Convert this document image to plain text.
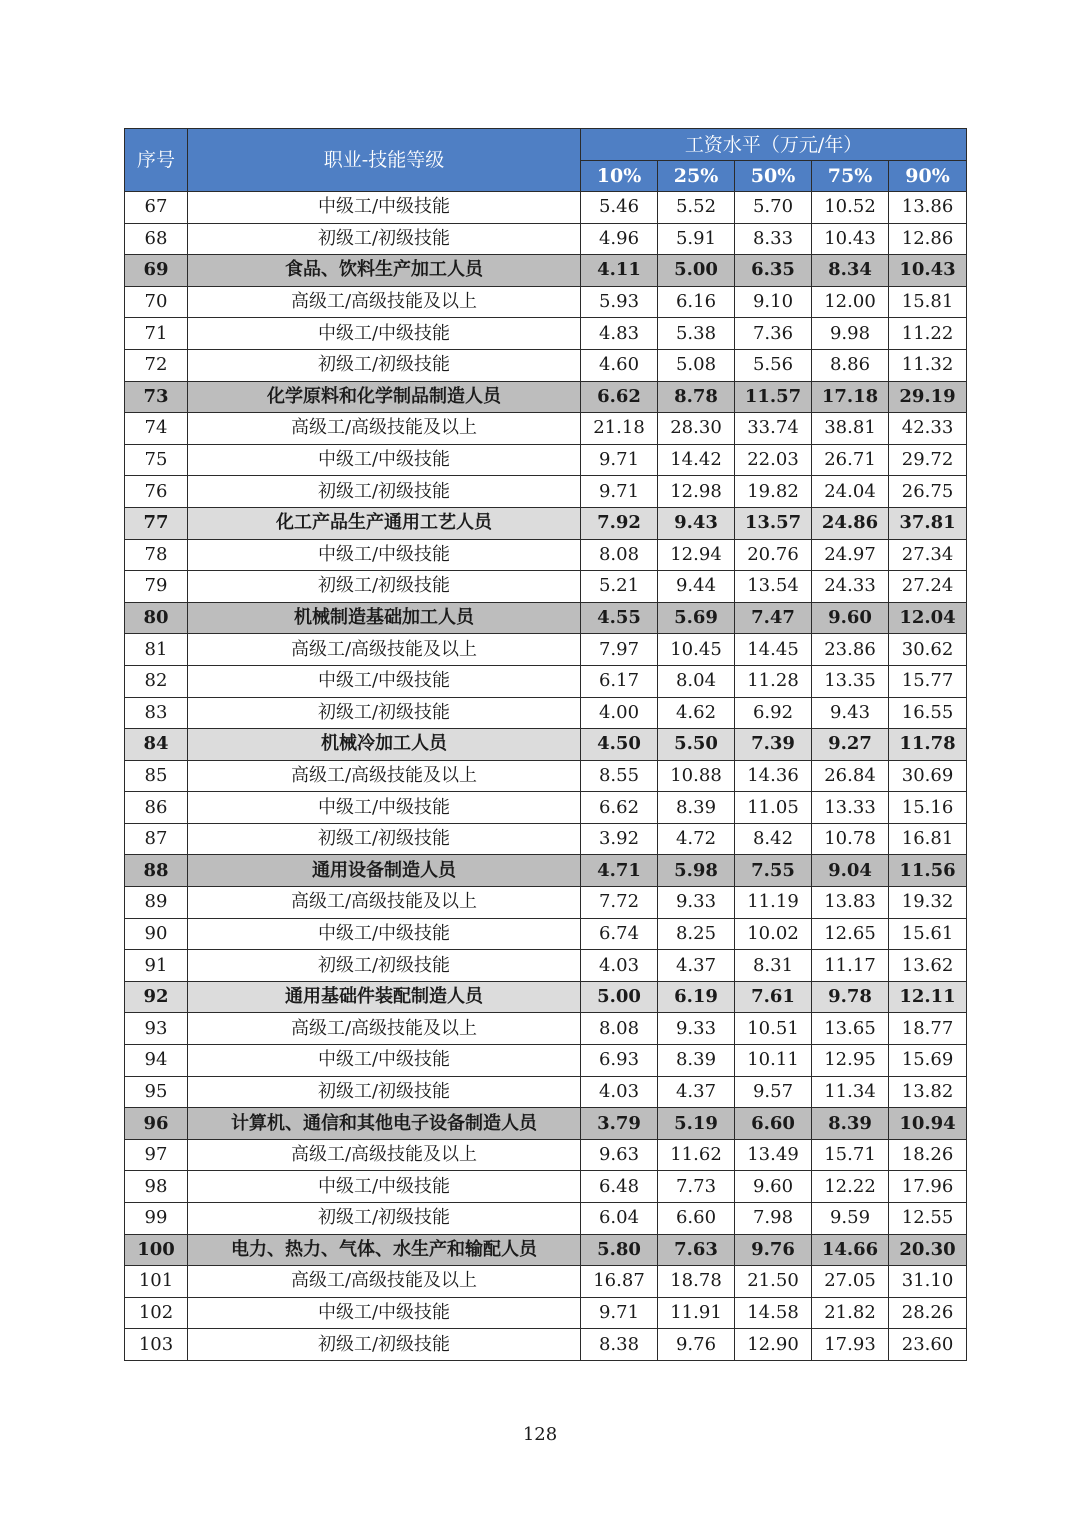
序号	职业-技能等级	工资水平（万元/年）				
		10%	25%	50%	75%	90%
67	中级工/中级技能	5.46	5.52	5.70	10.52	13.86
68	初级工/初级技能	4.96	5.91	8.33	10.43	12.86
69	食品、饮料生产加工人员	4.11	5.00	6.35	8.34	10.43
70	高级工/高级技能及以上	5.93	6.16	9.10	12.00	15.81
71	中级工/中级技能	4.83	5.38	7.36	9.98	11.22
72	初级工/初级技能	4.60	5.08	5.56	8.86	11.32
73	化学原料和化学制品制造人员	6.62	8.78	11.57	17.18	29.19
74	高级工/高级技能及以上	21.18	28.30	33.74	38.81	42.33
75	中级工/中级技能	9.71	14.42	22.03	26.71	29.72
76	初级工/初级技能	9.71	12.98	19.82	24.04	26.75
77	化工产品生产通用工艺人员	7.92	9.43	13.57	24.86	37.81
78	中级工/中级技能	8.08	12.94	20.76	24.97	27.34
79	初级工/初级技能	5.21	9.44	13.54	24.33	27.24
80	机械制造基础加工人员	4.55	5.69	7.47	9.60	12.04
81	高级工/高级技能及以上	7.97	10.45	14.45	23.86	30.62
82	中级工/中级技能	6.17	8.04	11.28	13.35	15.77
83	初级工/初级技能	4.00	4.62	6.92	9.43	16.55
84	机械冷加工人员	4.50	5.50	7.39	9.27	11.78
85	高级工/高级技能及以上	8.55	10.88	14.36	26.84	30.69
86	中级工/中级技能	6.62	8.39	11.05	13.33	15.16
87	初级工/初级技能	3.92	4.72	8.42	10.78	16.81
88	通用设备制造人员	4.71	5.98	7.55	9.04	11.56
89	高级工/高级技能及以上	7.72	9.33	11.19	13.83	19.32
90	中级工/中级技能	6.74	8.25	10.02	12.65	15.61
91	初级工/初级技能	4.03	4.37	8.31	11.17	13.62
92	通用基础件装配制造人员	5.00	6.19	7.61	9.78	12.11
93	高级工/高级技能及以上	8.08	9.33	10.51	13.65	18.77
94	中级工/中级技能	6.93	8.39	10.11	12.95	15.69
95	初级工/初级技能	4.03	4.37	9.57	11.34	13.82
96	计算机、通信和其他电子设备制造人员	3.79	5.19	6.60	8.39	10.94
97	高级工/高级技能及以上	9.63	11.62	13.49	15.71	18.26
98	中级工/中级技能	6.48	7.73	9.60	12.22	17.96
99	初级工/初级技能	6.04	6.60	7.98	9.59	12.55
100	电力、热力、气体、水生产和输配人员	5.80	7.63	9.76	14.66	20.30
101	高级工/高级技能及以上	16.87	18.78	21.50	27.05	31.10
102	中级工/中级技能	9.71	11.91	14.58	21.82	28.26
103	初级工/初级技能	8.38	9.76	12.90	17.93	23.60
128
